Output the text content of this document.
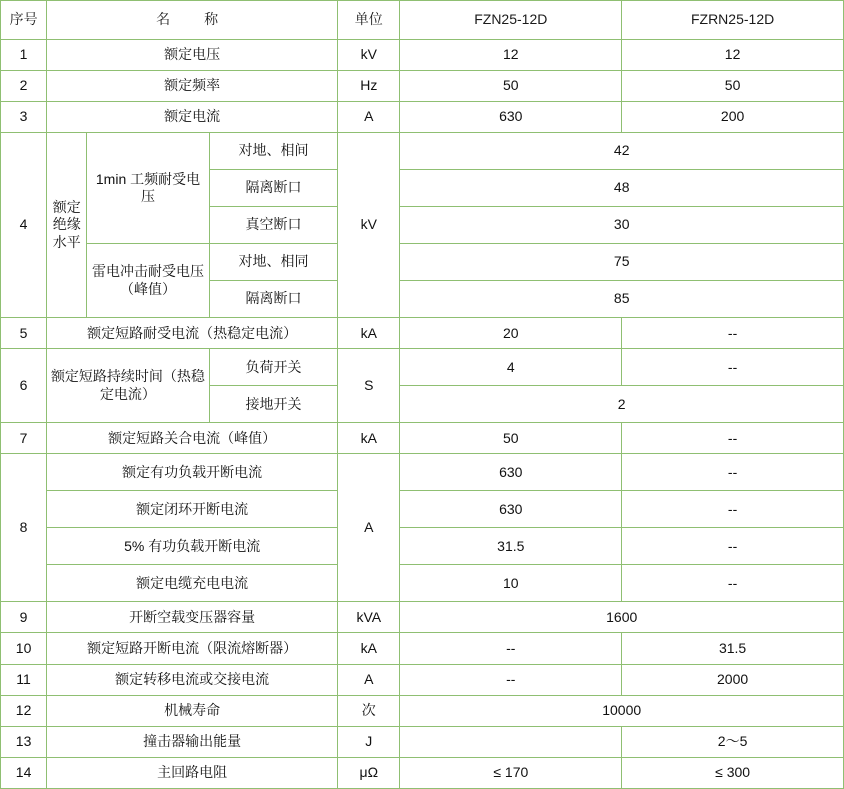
序号	名　称			单位	FZN25-12D	FZRN25-12D
1	额定电压			kV	12	12
2	额定频率			Hz	50	50
3	额定电流			A	630	200
4	额定绝缘水平	1min 工频耐受电压	对地、相间	kV	42	
			隔离断口		48	
			真空断口		30	
		雷电冲击耐受电压（峰值）	对地、相同		75	
			隔离断口		85	
5	额定短路耐受电流（热稳定电流）			kA	20	--
6	额定短路持续时间（热稳定电流）		负荷开关	S	4	--
			接地开关		2	
7	额定短路关合电流（峰值）			kA	50	--
8	额定有功负载开断电流			A	630	--
	额定闭环开断电流				630	--
	5% 有功负载开断电流				31.5	--
	额定电缆充电电流				10	--
9	开断空载变压器容量			kVA	1600	
10	额定短路开断电流（限流熔断器）			kA	--	31.5
11	额定转移电流或交接电流			A	--	2000
12	机械寿命			次	10000	
13	撞击器输出能量			J		2～5
14	主回路电阻			μΩ	≤ 170	≤ 300
